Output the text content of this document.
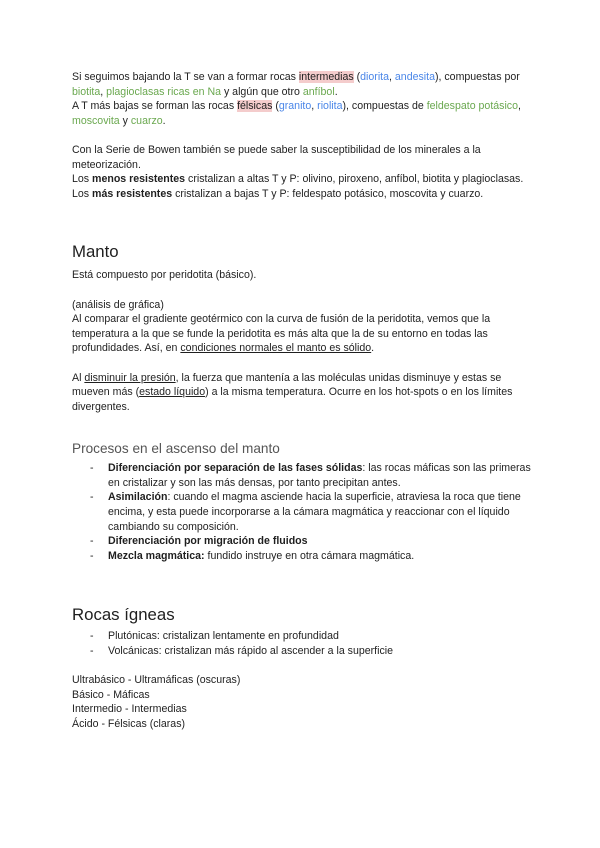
Si seguimos bajando la T se van a formar rocas intermedias (diorita, andesita), compuestas por biotita, plagioclasas ricas en Na y algún que otro anfíbol.

A T más bajas se forman las rocas félsicas (granito, riolita), compuestas de feldespato potásico, moscovita y cuarzo.

Con la Serie de Bowen también se puede saber la susceptibilidad de los minerales a la meteorización.

Los menos resistentes cristalizan a altas T y P: olivino, piroxeno, anfíbol, biotita y plagioclasas.

Los más resistentes cristalizan a bajas T y P: feldespato potásico, moscovita y cuarzo.

Manto

Está compuesto por peridotita (básico).

(análisis de gráfica)

Al comparar el gradiente geotérmico con la curva de fusión de la peridotita, vemos que la temperatura a la que se funde la peridotita es más alta que la de su entorno en todas las profundidades. Así, en condiciones normales el manto es sólido.

Al disminuir la presión, la fuerza que mantenía a las moléculas unidas disminuye y estas se mueven más (estado líquido) a la misma temperatura. Ocurre en los hot-spots o en los límites divergentes.

Procesos en el ascenso del manto
- Diferenciación por separación de las fases sólidas: las rocas máficas son las primeras en cristalizar y son las más densas, por tanto precipitan antes.
- Asimilación: cuando el magma asciende hacia la superficie, atraviesa la roca que tiene encima, y esta puede incorporarse a la cámara magmática y reaccionar con el líquido cambiando su composición.
- Diferenciación por migración de fluidos
- Mezcla magmática: fundido instruye en otra cámara magmática.
Rocas ígneas
- Plutónicas: cristalizan lentamente en profundidad
- Volcánicas: cristalizan más rápido al ascender a la superficie

Ultrabásico - Ultramáficas (oscuras)

Básico - Máficas

Intermedio - Intermedias

Ácido - Félsicas (claras)
